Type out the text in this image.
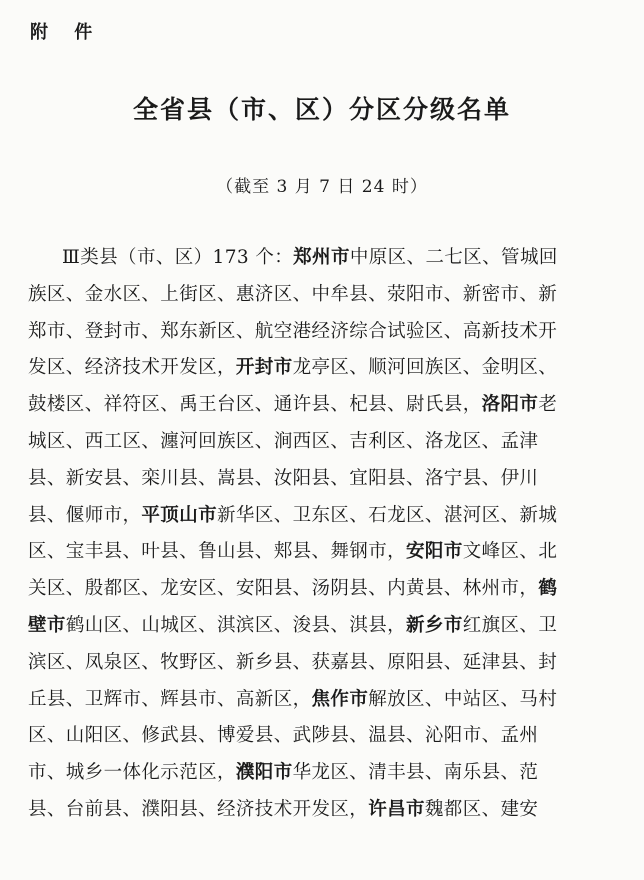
附 件
全省县（市、区）分区分级名单
（截至 3 月 7 日 24 时）
Ⅲ类县（市、区）173 个：郑州市中原区、二七区、管城回
族区、金水区、上街区、惠济区、中牟县、荥阳市、新密市、新
郑市、登封市、郑东新区、航空港经济综合试验区、高新技术开
发区、经济技术开发区，开封市龙亭区、顺河回族区、金明区、
鼓楼区、祥符区、禹王台区、通许县、杞县、尉氏县，洛阳市老
城区、西工区、瀍河回族区、涧西区、吉利区、洛龙区、孟津
县、新安县、栾川县、嵩县、汝阳县、宜阳县、洛宁县、伊川
县、偃师市，平顶山市新华区、卫东区、石龙区、湛河区、新城
区、宝丰县、叶县、鲁山县、郏县、舞钢市，安阳市文峰区、北
关区、殷都区、龙安区、安阳县、汤阴县、内黄县、林州市，鹤
壁市鹤山区、山城区、淇滨区、浚县、淇县，新乡市红旗区、卫
滨区、凤泉区、牧野区、新乡县、获嘉县、原阳县、延津县、封
丘县、卫辉市、辉县市、高新区，焦作市解放区、中站区、马村
区、山阳区、修武县、博爱县、武陟县、温县、沁阳市、孟州
市、城乡一体化示范区，濮阳市华龙区、清丰县、南乐县、范
县、台前县、濮阳县、经济技术开发区，许昌市魏都区、建安
